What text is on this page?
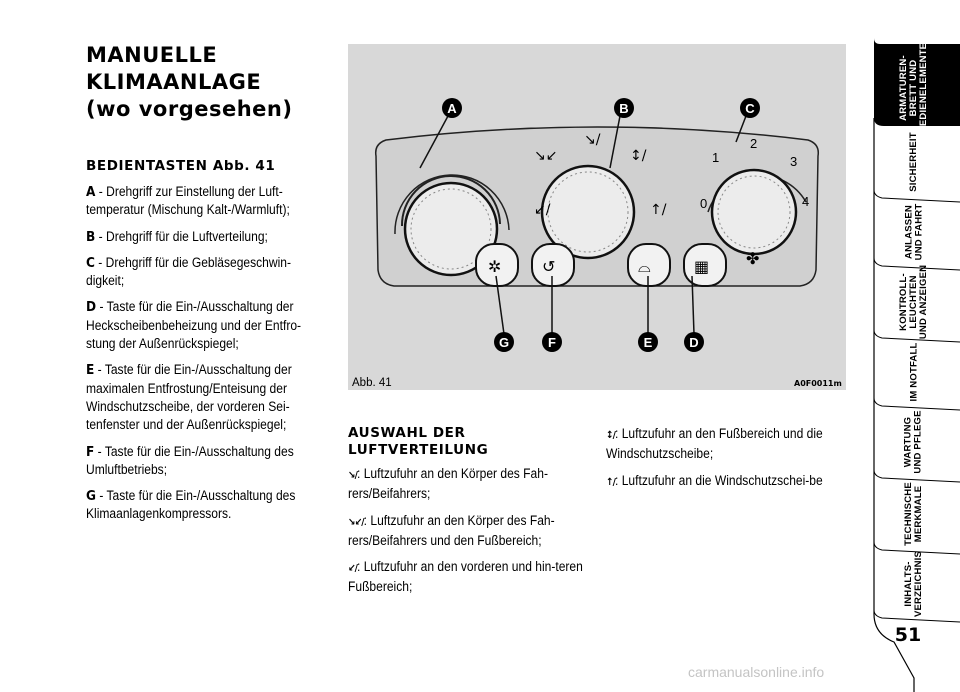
MANUELLE
KLIMAANLAGE
(wo vorgesehen)
BEDIENTASTEN Abb. 41

A - Drehgriff zur Einstellung der Luft-temperatur (Mischung Kalt-/Warmluft);

B - Drehgriff für die Luftverteilung;

C - Drehgriff für die Gebläsegeschwin-digkeit;

D - Taste für die Ein-/Ausschaltung der Heckscheibenbeheizung und der Entfro-stung der Außenrückspiegel;

E - Taste für die Ein-/Ausschaltung der maximalen Entfrostung/Enteisung der Windschutzscheibe, der vorderen Sei-tenfenster und der Außenrückspiegel;

F - Taste für die Ein-/Ausschaltung des Umluftbetriebs;

G - Taste für die Ein-/Ausschaltung des Klimaanlagenkompressors.

↘↙
↘/
↕/
↙/	↑/	0
1
2
3
4
✤
✲	↺	⌓	▦
A	B	C
G	F	E	D
Abb. 41	A0F0011m
AUSWAHL DER
LUFTVERTEILUNG

↘/: Luftzufuhr an den Körper des Fah-rers/Beifahrers;

↘↙/: Luftzufuhr an den Körper des Fah-rers/Beifahrers und den Fußbereich;

↙/: Luftzufuhr an den vorderen und hin-teren Fußbereich;

↕/: Luftzufuhr an den Fußbereich und die Windschutzscheibe;

↑/: Luftzufuhr an die Windschutzschei-be

ARMATUREN-
BRETT UND
BEDIENELEMENTE
SICHERHEIT
ANLASSEN
UND FAHRT
KONTROLL-
LEUCHTEN
UND ANZEIGEN
IM NOTFALL
WARTUNG
UND PFLEGE
TECHNISCHE
MERKMALE
INHALTS-
VERZEICHNIS
51
carmanualsonline.info
